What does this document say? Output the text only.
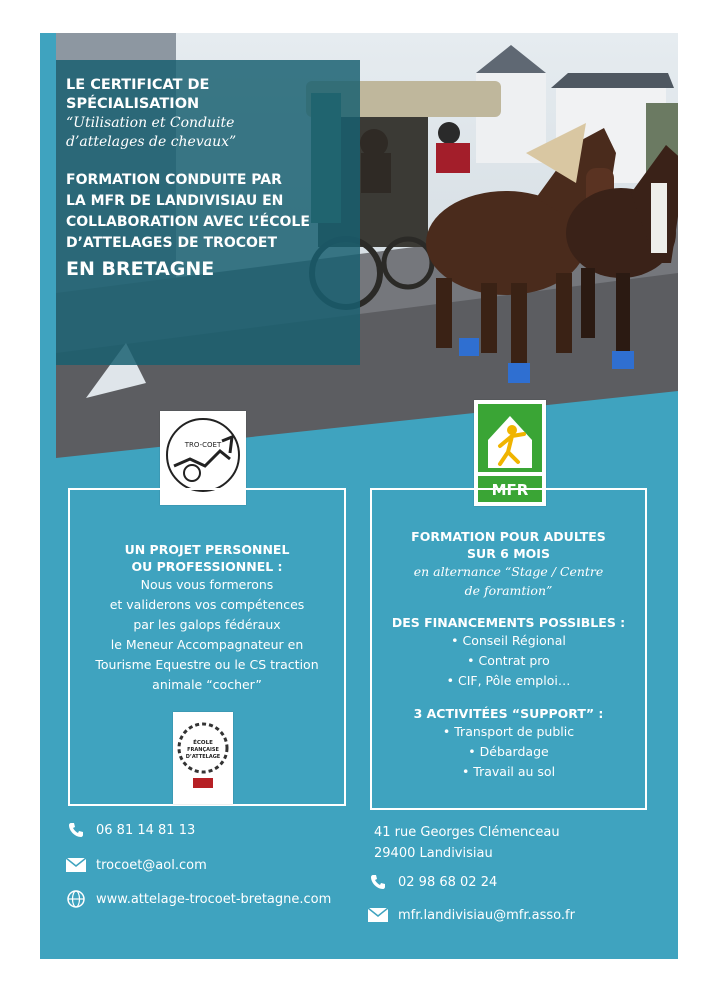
LE CERTIFICAT DE
SPÉCIALISATION
“Utilisation et Conduite
d’attelages de chevaux”
FORMATION CONDUITE PAR
LA MFR DE LANDIVISIAU EN
COLLABORATION AVEC L’ÉCOLE
D’ATTELAGES DE TROCOET
EN BRETAGNE
TRO-COET
MFR
UN PROJET PERSONNEL
OU PROFESSIONNEL :
Nous vous formerons
et validerons vos compétences
par les galops fédéraux
le Meneur Accompagnateur en
Tourisme Equestre ou le CS traction
animale “cocher”
ÉCOLE
FRANÇAISE
D’ATTELAGE
FORMATION POUR ADULTES
SUR 6 MOIS
en alternance “Stage / Centre
de foramtion”
DES FINANCEMENTS POSSIBLES :
• Conseil Régional
• Contrat pro
• CIF, Pôle emploi…
3 ACTIVITÉES “SUPPORT” :
• Transport de public
• Débardage
• Travail au sol
06 81 14 81 13
trocoet@aol.com
www.attelage-trocoet-bretagne.com
41 rue Georges Clémenceau
29400 Landivisiau
02 98 68 02 24
mfr.landivisiau@mfr.asso.fr
